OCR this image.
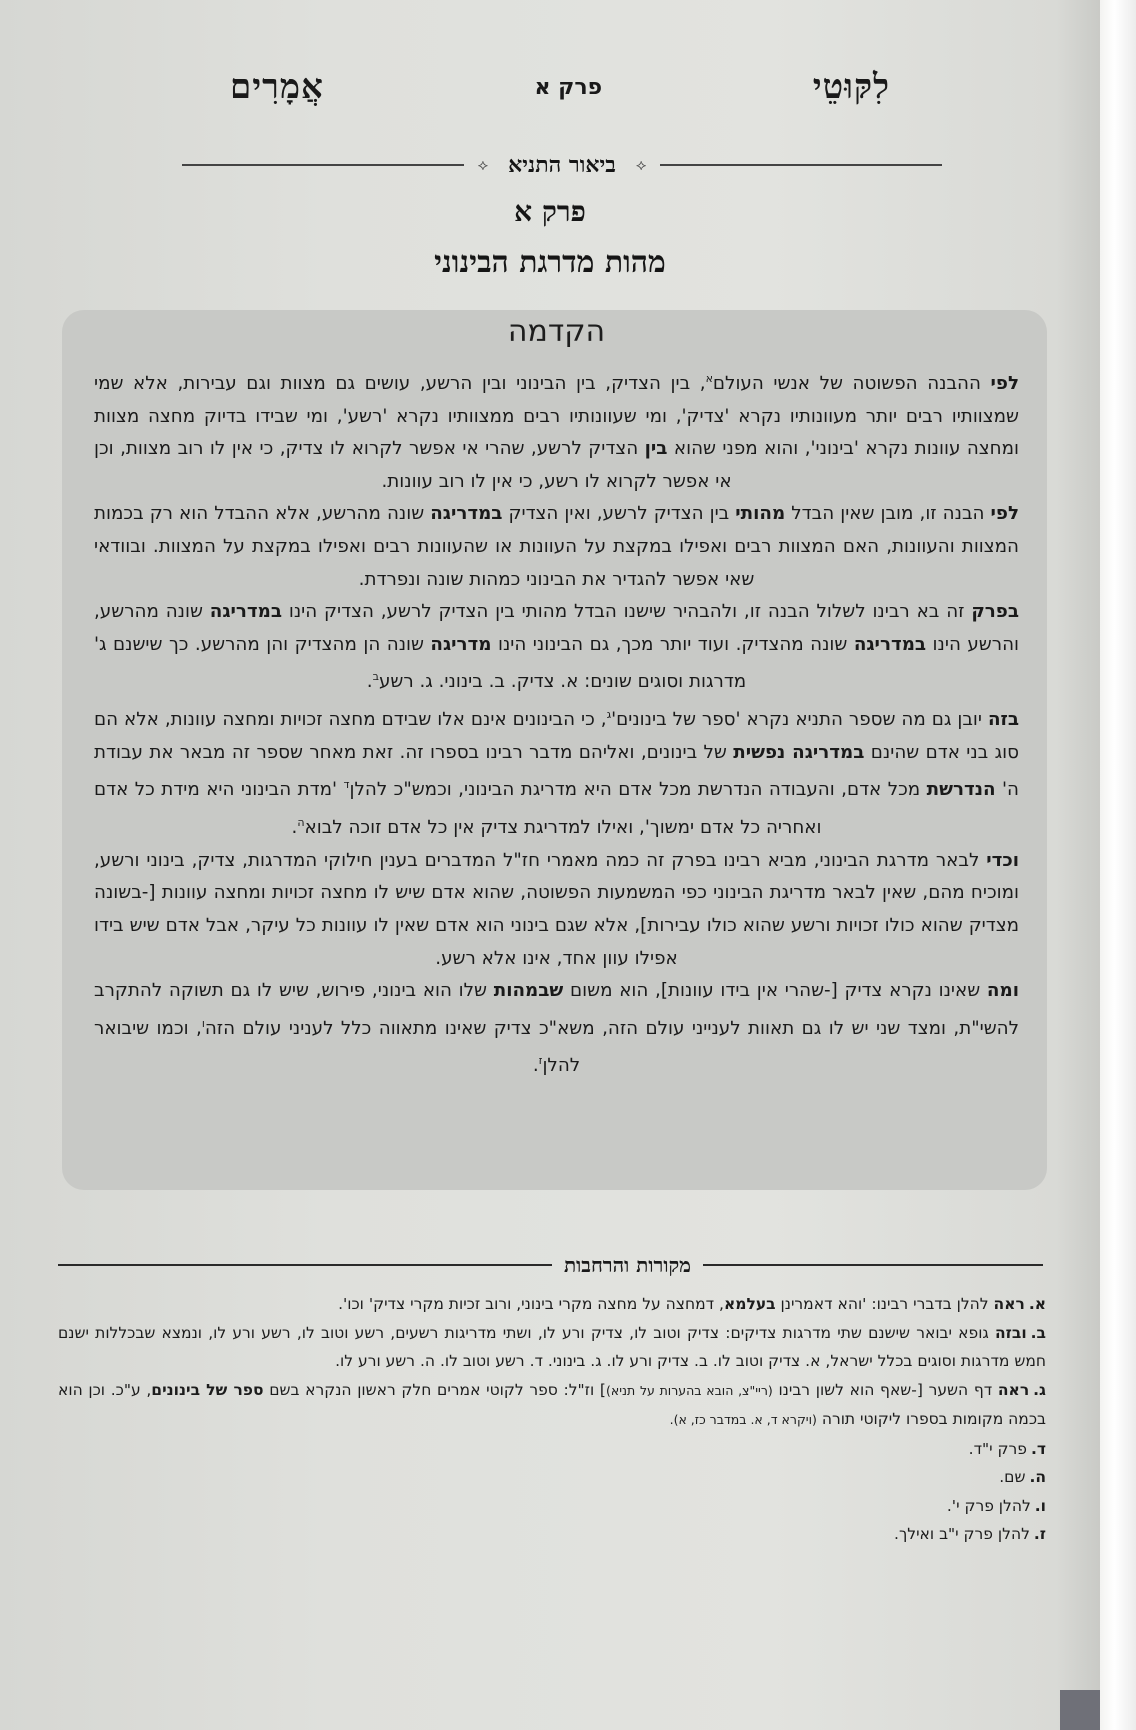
לִקּוּטֵי
פרק א
אֲמָרִים
⟡
ביאור התניא
⟡
פרק א
מהות מדרגת הבינוני
הקדמה

לפי ההבנה הפשוטה של אנשי העולם$^א$, בין הצדיק, בין הבינוני ובין הרשע, עושים גם מצוות וגם עבירות, אלא שמי שמצוותיו רבים יותר מעוונותיו נקרא 'צדיק', ומי שעוונותיו רבים ממצוותיו נקרא 'רשע', ומי שבידו בדיוק מחצה מצוות ומחצה עוונות נקרא 'בינוני', והוא מפני שהוא בין הצדיק לרשע, שהרי אי אפשר לקרוא לו צדיק, כי אין לו רוב מצוות, וכן אי אפשר לקרוא לו רשע, כי אין לו רוב עוונות.

לפי הבנה זו, מובן שאין הבדל מהותי בין הצדיק לרשע, ואין הצדיק במדריגה שונה מהרשע, אלא ההבדל הוא רק בכמות המצוות והעוונות, האם המצוות רבים ואפילו במקצת על העוונות או שהעוונות רבים ואפילו במקצת על המצוות. ובוודאי שאי אפשר להגדיר את הבינוני כמהות שונה ונפרדת.

בפרק זה בא רבינו לשלול הבנה זו, ולהבהיר שישנו הבדל מהותי בין הצדיק לרשע, הצדיק הינו במדריגה שונה מהרשע, והרשע הינו במדריגה שונה מהצדיק. ועוד יותר מכך, גם הבינוני הינו מדריגה שונה הן מהצדיק והן מהרשע. כך שישנם ג' מדרגות וסוגים שונים: א. צדיק. ב. בינוני. ג. רשע$^ב$.

בזה יובן גם מה שספר התניא נקרא 'ספר של $בינונים'^ג$, כי הבינונים אינם אלו שבידם מחצה זכויות ומחצה עוונות, אלא הם סוג בני אדם שהינם במדריגה נפשית של בינונים, ואליהם מדבר רבינו בספרו זה. זאת מאחר שספר זה מבאר את עבודת ה' הנדרשת מכל אדם, והעבודה הנדרשת מכל אדם היא מדריגת הבינוני, וכמש"כ להלן$^ד$ 'מדת הבינוני היא מידת כל אדם ואחריה כל אדם ימשוך', ואילו למדריגת צדיק אין כל אדם זוכה לבוא$^ה$.

וכדי לבאר מדרגת הבינוני, מביא רבינו בפרק זה כמה מאמרי חז"ל המדברים בענין חילוקי המדרגות, צדיק, בינוני ורשע, ומוכיח מהם, שאין לבאר מדריגת הבינוני כפי המשמעות הפשוטה, שהוא אדם שיש לו מחצה זכויות ומחצה עוונות [-בשונה מצדיק שהוא כולו זכויות ורשע שהוא כולו עבירות], אלא שגם בינוני הוא אדם שאין לו עוונות כל עיקר, אבל אדם שיש בידו אפילו עוון אחד, אינו אלא רשע.

ומה שאינו נקרא צדיק [-שהרי אין בידו עוונות], הוא משום שבמהות שלו הוא בינוני, פירוש, שיש לו גם תשוקה להתקרב להשי"ת, ומצד שני יש לו גם תאוות לענייני עולם הזה, משא"כ צדיק שאינו מתאווה כלל לעניני עולם הזה$^ו$, וכמו שיבואר להלן$^ז$.

מקורות והרחבות
א.ראה להלן בדברי רבינו: 'והא דאמרינן בעלמא, דמחצה על מחצה מקרי בינוני, ורוב זכיות מקרי צדיק' וכו'.
ב.ובזה גופא יבואר שישנם שתי מדרגות צדיקים: צדיק וטוב לו, צדיק ורע לו, ושתי מדריגות רשעים, רשע וטוב לו, רשע ורע לו, ונמצא שבכללות ישנם חמש מדרגות וסוגים בכלל ישראל, א. צדיק וטוב לו. ב. צדיק ורע לו. ג. בינוני. ד. רשע וטוב לו. ה. רשע ורע לו.
ג.ראה דף השער [-שאף הוא לשון רבינו (ריי"צ, הובא בהערות על תניא)] וז"ל: ספר לקוטי אמרים חלק ראשון הנקרא בשם ספר של בינונים, ע"כ. וכן הוא בכמה מקומות בספרו ליקוטי תורה (ויקרא ד, א. במדבר כז, א).
ד.פרק י"ד.
ה.שם.
ו.להלן פרק י'.
ז.להלן פרק י"ב ואילך.
